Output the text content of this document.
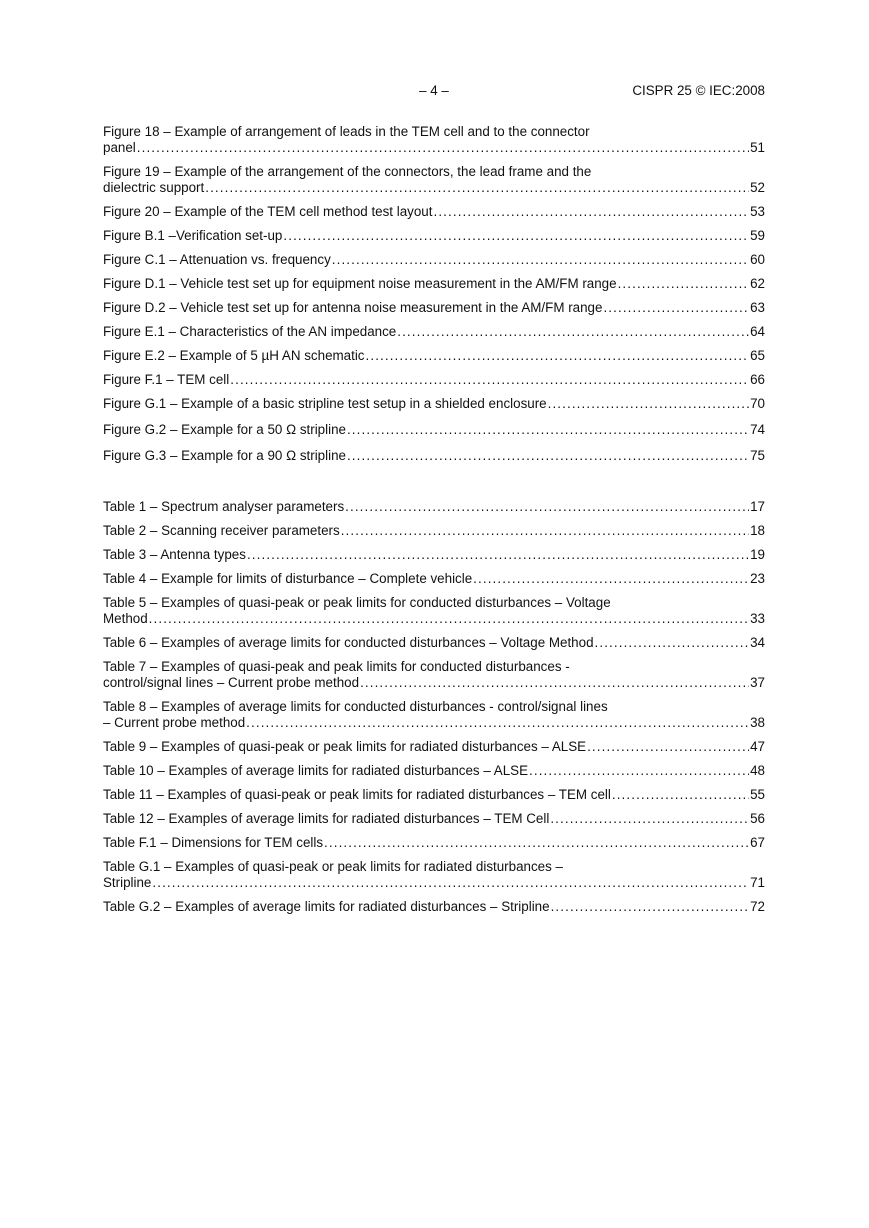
– 4 –	CISPR 25 © IEC:2008
Figure 18 – Example of arrangement of leads in the TEM cell and to the connector
panel . . .	51
Figure 19 – Example of the arrangement of the connectors, the lead frame and the
dielectric support . . .	52
Figure 20 – Example of the TEM cell method test layout . . .	53
Figure B.1 –Verification set-up . . .	59
Figure C.1 – Attenuation vs. frequency . . .	60
Figure D.1 – Vehicle test set up for equipment noise measurement in the AM/FM range . . .	62
Figure D.2 – Vehicle test set up for antenna noise measurement in the AM/FM range . . .	63
Figure E.1 – Characteristics of the AN impedance . . .	64
Figure E.2 – Example of 5 µH AN schematic . . .	65
Figure F.1 – TEM cell . . .	66
Figure G.1 – Example of a basic stripline test setup in a shielded enclosure . . .	70
Figure G.2 – Example for a 50 Ω stripline . . .	74
Figure G.3 – Example for a 90 Ω stripline . . .	75
Table 1 – Spectrum analyser parameters . . .	17
Table 2 – Scanning receiver parameters . . .	18
Table 3 – Antenna types . . .	19
Table 4 – Example for limits of disturbance – Complete vehicle . . .	23
Table 5 – Examples of quasi-peak or peak limits for conducted disturbances – Voltage
Method . . .	33
Table 6 – Examples of average limits for conducted disturbances – Voltage Method . . .	34
Table 7 – Examples of quasi-peak and peak limits for conducted disturbances -
control/signal lines – Current probe method . . .	37
Table 8 – Examples of average limits for conducted disturbances - control/signal lines
– Current probe method . . .	38
Table 9 – Examples of quasi-peak or peak limits for radiated disturbances – ALSE . . .	47
Table 10 – Examples of average limits for radiated disturbances – ALSE . . .	48
Table 11 – Examples of quasi-peak or peak limits for radiated disturbances – TEM cell . . .	55
Table 12 – Examples of average limits for radiated disturbances – TEM Cell . . .	56
Table F.1 – Dimensions for TEM cells . . .	67
Table G.1 – Examples of quasi-peak or peak limits for radiated disturbances –
Stripline . . .	71
Table G.2 – Examples of average limits for radiated disturbances – Stripline . . .	72
